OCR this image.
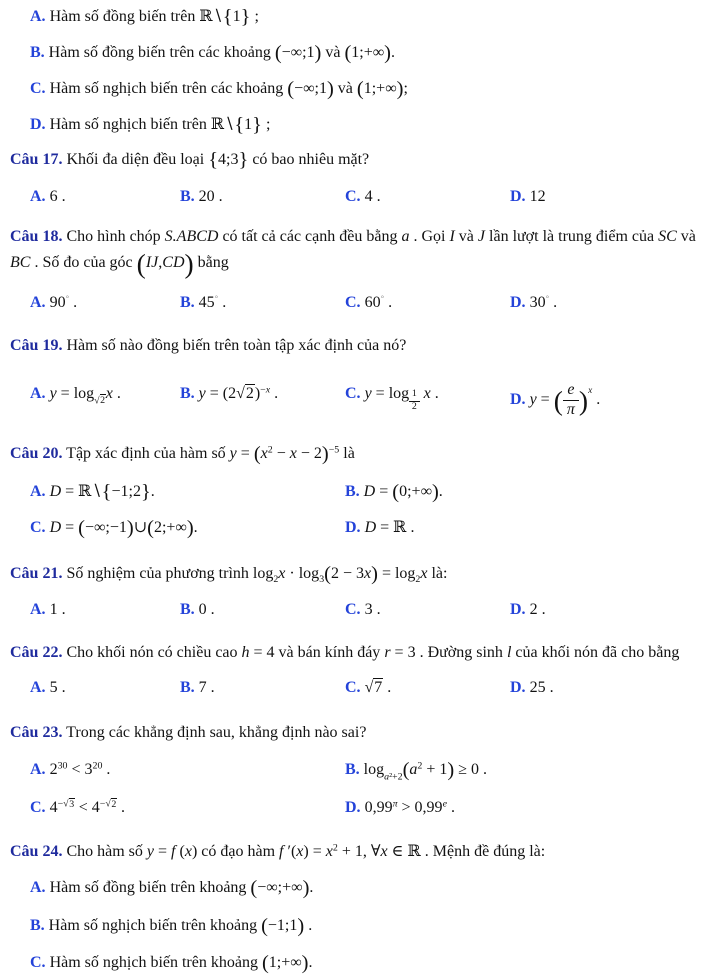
A. Hàm số đồng biến trên ℝ∖{1} ;
B. Hàm số đồng biến trên các khoảng (−∞;1) và (1;+∞).
C. Hàm số nghịch biến trên các khoảng (−∞;1) và (1;+∞);
D. Hàm số nghịch biến trên ℝ∖{1} ;
Câu 17. Khối đa diện đều loại {4;3} có bao nhiêu mặt?
A. 6 .	B. 20 .	C. 4 .	D. 12
Câu 18. Cho hình chóp S.ABCD có tất cả các cạnh đều bằng a . Gọi I và J lần lượt là trung điểm của SC và BC . Số đo của góc (IJ,CD) bằng
A. 90° .	B. 45° .	C. 60° .	D. 30° .
Câu 19. Hàm số nào đồng biến trên toàn tập xác định của nó?
A. $y = \log_{√2}x$ .	B. $y = (2√2)^{-x}$ .	C. y = log $_{\frac{1}{2}}$ x .	D. y = ( $\frac{e}{\pi} )^x$ .
Câu 20. Tập xác định của hàm số $y = (x^2 - x - 2)^{-5}$ là
A. D = ℝ∖{−1;2}.	B. D = (0;+∞).
C. D = (−∞;−1)∪(2;+∞).	D. D = ℝ .
Câu 21. Số nghiệm của phương trình $\log_2x \cdot \log_3(2 - 3x) = \log_2x$ là:
A. 1 .	B. 0 .	C. 3 .	D. 2 .
Câu 22. Cho khối nón có chiều cao h = 4 và bán kính đáy r = 3 . Đường sinh l của khối nón đã cho bằng
A. 5 .	B. 7 .	C. √7 .	D. 25 .
Câu 23. Trong các khẳng định sau, khẳng định nào sai?
A. $2^{30} < 3^{20}$ .	B. $\log_{a^2+2}(a^2 + 1) \ge 0$ .
C. $4^{-√3} < 4^{-√2}$ .	D. $0,99^\pi > 0,99^e$ .
Câu 24. Cho hàm số y = f (x) có đạo hàm f $'(x) = x^2 + 1$, ∀x ∈ ℝ . Mệnh đề đúng là:
A. Hàm số đồng biến trên khoảng (−∞;+∞).
B. Hàm số nghịch biến trên khoảng (−1;1) .
C. Hàm số nghịch biến trên khoảng (1;+∞).
